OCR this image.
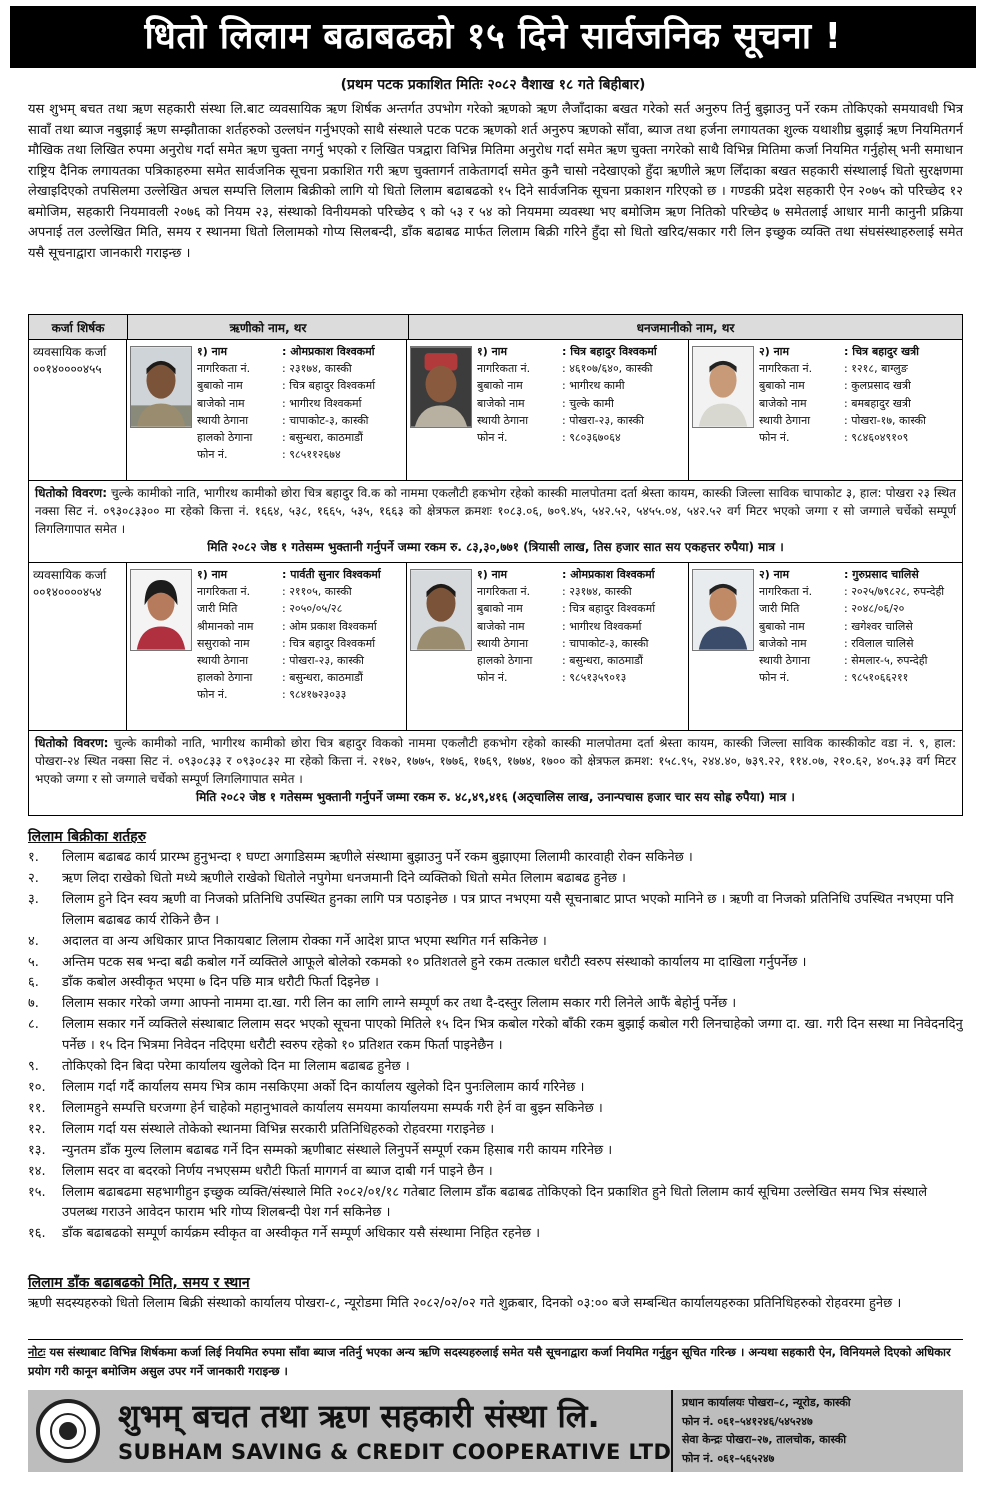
धितो लिलाम बढाबढको १५ दिने सार्वजनिक सूचना !
(प्रथम पटक प्रकाशित मितिः २०८२ वैशाख १८ गते बिहीबार)
यस शुभम् बचत तथा ऋण सहकारी संस्था लि.बाट व्यवसायिक ऋण शिर्षक अन्तर्गत उपभोग गरेको ऋणको ऋण लैजाँदाका बखत गरेको सर्त अनुरुप तिर्नु बुझाउनु पर्ने रकम तोकिएको समयावधी भित्र सावाँ तथा ब्याज नबुझाई ऋण सम्झौताका शर्तहरुको उल्लघंन गर्नुभएको साथै संस्थाले पटक पटक ऋणको शर्त अनुरुप ऋणको साँवा, ब्याज तथा हर्जना लगायतका शुल्क यथाशीघ्र बुझाई ऋण नियमितगर्न मौखिक तथा लिखित रुपमा अनुरोध गर्दा समेत ऋण चुक्ता नगर्नु भएको र लिखित पत्रद्वारा विभिन्न मितिमा अनुरोध गर्दा समेत ऋण चुक्ता नगरेको साथै विभिन्न मितिमा कर्जा नियमित गर्नुहोस् भनी समाधान राष्ट्रिय दैनिक लगायतका पत्रिकाहरुमा समेत सार्वजनिक सूचना प्रकाशित गरी ऋण चुक्तागर्न ताकेतागर्दा समेत कुनै चासो नदेखाएको हुँदा ऋणीले ऋण लिँदाका बखत सहकारी संस्थालाई धितो सुरक्षणमा लेखाइदिएको तपसिलमा उल्लेखित अचल सम्पत्ति लिलाम बिक्रीको लागि यो धितो लिलाम बढाबढको १५ दिने सार्वजनिक सूचना प्रकाशन गरिएको छ । गण्डकी प्रदेश सहकारी ऐन २०७५ को परिच्छेद १२ बमोजिम, सहकारी नियमावली २०७६ को नियम २३, संस्थाको विनीयमको परिच्छेद ९ को ५३ र ५४ को नियममा व्यवस्था भए बमोजिम ऋण नितिको परिच्छेद ७ समेतलाई आधार मानी कानुनी प्रक्रिया अपनाई तल उल्लेखित मिति, समय र स्थानमा धितो लिलामको गोप्य सिलबन्दी, डाँक बढाबढ मार्फत लिलाम बिक्री गरिने हुँदा सो धितो खरिद/सकार गरी लिन इच्छुक व्यक्ति तथा संघसंस्थाहरुलाई समेत यसै सूचनाद्वारा जानकारी गराइन्छ ।
कर्जा शिर्षक	ऋणीको नाम, थर	धनजमानीको नाम, थर
व्यवसायिक कर्जा
००१४००००४५५
१) नाम	: ओमप्रकाश विश्वकर्मा
नागरिकता नं.	: २३१७४, कास्की
बुबाको नाम	: चित्र बहादुर विश्वकर्मा
बाजेको नाम	: भागीरथ विश्वकर्मा
स्थायी ठेगाना	: चापाकोट-३, कास्की
हालको ठेगाना	: बसुन्धरा, काठमाडौं
फोन नं.	: ९८५११२६७४
१) नाम	: चित्र बहादुर विश्वकर्मा
नागरिकता नं.	: ४६१०७/६४०, कास्की
बुबाको नाम	: भागीरथ कामी
बाजेको नाम	: चुल्के कामी
स्थायी ठेगाना	: पोखरा-२३, कास्की
फोन नं.	: ९८०३६७०६४
२) नाम	: चित्र बहादुर खत्री
नागरिकता नं.	: १२१८, बाग्लुङ
बुबाको नाम	: कुलप्रसाद खत्री
बाजेको नाम	: बमबहादुर खत्री
स्थायी ठेगाना	: पोखरा-१७, कास्की
फोन नं.	: ९८४६०४९१०९
धितोको विवरण: चुल्के कामीको नाति, भागीरथ कामीको छोरा चित्र बहादुर वि.क को नाममा एकलौटी हकभोग रहेको कास्की मालपोतमा दर्ता श्रेस्ता कायम, कास्की जिल्ला साविक चापाकोट ३, हाल: पोखरा २३ स्थित नक्सा सिट नं. ०९३०८३३०० मा रहेको कित्ता नं. १६६४, ५३८, १६६५, ५३५, १६६३ को क्षेत्रफल क्रमशः १०८३.०६, ७०९.४५, ५४२.५२, ५४५५.०४, ५४२.५२ वर्ग मिटर भएको जग्गा र सो जग्गाले चर्चेको सम्पूर्ण लिगलिगापात समेत ।
मिति २०८२ जेष्ठ १ गतेसम्म भुक्तानी गर्नुपर्ने जम्मा रकम रु. ८३,३०,७७१ (त्रियासी लाख, तिस हजार सात सय एकहत्तर रुपैया) मात्र ।
व्यवसायिक कर्जा
००१४००००४५४
१) नाम	: पार्वती सुनार विश्वकर्मा
नागरिकता नं.	: २११०५, कास्की
जारी मिति	: २०५०/०५/२८
श्रीमानको नाम	: ओम प्रकाश विश्वकर्मा
ससुराको नाम	: चित्र बहादुर विश्वकर्मा
स्थायी ठेगाना	: पोखरा-२३, कास्की
हालको ठेगाना	: बसुन्धरा, काठमाडौं
फोन नं.	: ९८४१७२३०३३
१) नाम	: ओमप्रकाश विश्वकर्मा
नागरिकता नं.	: २३१७४, कास्की
बुबाको नाम	: चित्र बहादुर विश्वकर्मा
बाजेको नाम	: भागीरथ विश्वकर्मा
स्थायी ठेगाना	: चापाकोट-३, कास्की
हालको ठेगाना	: बसुन्धरा, काठमाडौं
फोन नं.	: ९८५१३५९०१३
२) नाम	: गुरुप्रसाद चालिसे
नागरिकता नं.	: २०२५/७९८२८, रुपन्देही
जारी मिति	: २०४८/०६/२०
बुबाको नाम	: खगेश्वर चालिसे
बाजेको नाम	: रविलाल चालिसे
स्थायी ठेगाना	: सेमलार-५, रुपन्देही
फोन नं.	: ९८५१०६६२११
धितोको विवरण: चुल्के कामीको नाति, भागीरथ कामीको छोरा चित्र बहादुर विकको नाममा एकलौटी हकभोग रहेको कास्की मालपोतमा दर्ता श्रेस्ता कायम, कास्की जिल्ला साविक कास्कीकोट वडा नं. ९, हाल: पोखरा-२४ स्थित नक्सा सिट नं. ०९३०८३३ र ०९३०८३२ मा रहेको कित्ता नं. २१७२, १७७५, १७७६, १७६९, १७७४, १७०० को क्षेत्रफल क्रमश: १५८.९५, २४४.४०, ७३९.२२, ११४.०७, २१०.६२, ४०५.३३ वर्ग मिटर भएको जग्गा र सो जग्गाले चर्चेको सम्पूर्ण लिगलिगापात समेत ।
मिति २०८२ जेष्ठ १ गतेसम्म भुक्तानी गर्नुपर्ने जम्मा रकम रु. ४८,४९,४१६ (अठ्चालिस लाख, उनान्पचास हजार चार सय सोह्र रुपैया) मात्र ।
लिलाम बिक्रीका शर्तहरु
१.	लिलाम बढाबढ कार्य प्रारम्भ हुनुभन्दा १ घण्टा अगाडिसम्म ऋणीले संस्थामा बुझाउनु पर्ने रकम बुझाएमा लिलामी कारवाही रोक्न सकिनेछ ।
२.	ऋण लिदा राखेको धितो मध्ये ऋणीले राखेको धितोले नपुगेमा धनजमानी दिने व्यक्तिको धितो समेत लिलाम बढाबढ हुनेछ ।
३.	लिलाम हुने दिन स्वय ऋणी वा निजको प्रतिनिधि उपस्थित हुनका लागि पत्र पठाइनेछ । पत्र प्राप्त नभएमा यसै सूचनाबाट प्राप्त भएको मानिने छ । ऋणी वा निजको प्रतिनिधि उपस्थित नभएमा पनि लिलाम बढाबढ कार्य रोकिने छैन ।
४.	अदालत वा अन्य अधिकार प्राप्त निकायबाट लिलाम रोक्का गर्ने आदेश प्राप्त भएमा स्थगित गर्न सकिनेछ ।
५.	अन्तिम पटक सब भन्दा बढी कबोल गर्ने व्यक्तिले आफूले बोलेको रकमको १० प्रतिशतले हुने रकम तत्काल धरौटी स्वरुप संस्थाको कार्यालय मा दाखिला गर्नुपर्नेछ ।
६.	डाँक कबोल अस्वीकृत भएमा ७ दिन पछि मात्र धरौटी फिर्ता दिइनेछ ।
७.	लिलाम सकार गरेको जग्गा आफ्नो नाममा दा.खा. गरी लिन का लागि लाग्ने सम्पूर्ण कर तथा दै-दस्तुर लिलाम सकार गरी लिनेले आफैं बेहोर्नु पर्नेछ ।
८.	लिलाम सकार गर्ने व्यक्तिले संस्थाबाट लिलाम सदर भएको सूचना पाएको मितिले १५ दिन भित्र कबोल गरेको बाँकी रकम बुझाई कबोल गरी लिनचाहेको जग्गा दा. खा. गरी दिन सस्था मा निवेदनदिनु पर्नेछ । १५ दिन भित्रमा निवेदन नदिएमा धरौटी स्वरुप रहेको १० प्रतिशत रकम फिर्ता पाइनेछैन ।
९.	तोकिएको दिन बिदा परेमा कार्यालय खुलेको दिन मा लिलाम बढाबढ हुनेछ ।
१०.	लिलाम गर्दा गर्दै कार्यालय समय भित्र काम नसकिएमा अर्को दिन कार्यालय खुलेको दिन पुनःलिलाम कार्य गरिनेछ ।
११.	लिलामहुने सम्पत्ति घरजग्गा हेर्न चाहेको महानुभावले कार्यालय समयमा कार्यालयमा सम्पर्क गरी हेर्न वा बुझ्न सकिनेछ ।
१२.	लिलाम गर्दा यस संस्थाले तोकेको स्थानमा विभिन्न सरकारी प्रतिनिधिहरुको रोहवरमा गराइनेछ ।
१३.	न्युनतम डाँक मुल्य लिलाम बढाबढ गर्ने दिन सम्मको ऋणीबाट संस्थाले लिनुपर्ने सम्पूर्ण रकम हिसाब गरी कायम गरिनेछ ।
१४.	लिलाम सदर वा बदरको निर्णय नभएसम्म धरौटी फिर्ता मागगर्न वा ब्याज दाबी गर्न पाइने छैन ।
१५.	लिलाम बढाबढमा सहभागीहुन इच्छुक व्यक्ति/संस्थाले मिति २०८२/०१/१८ गतेबाट लिलाम डाँक बढाबढ तोकिएको दिन प्रकाशित हुने धितो लिलाम कार्य सूचिमा उल्लेखित समय भित्र संस्थाले उपलब्ध गराउने आवेदन फाराम भरि गोप्य शिलबन्दी पेश गर्न सकिनेछ ।
१६.	डाँक बढाबढको सम्पूर्ण कार्यक्रम स्वीकृत वा अस्वीकृत गर्ने सम्पूर्ण अधिकार यसै संस्थामा निहित रहनेछ ।
लिलाम डाँक बढाबढको मिति, समय र स्थान
ऋणी सदस्यहरुको धितो लिलाम बिक्री संस्थाको कार्यालय पोखरा-८, न्यूरोडमा मिति २०८२/०२/०२ गते शुक्रबार, दिनको ०३:०० बजे सम्बन्धित कार्यालयहरुका प्रतिनिधिहरुको रोहवरमा हुनेछ ।
नोटः यस संस्थाबाट विभिन्न शिर्षकमा कर्जा लिई नियमित रुपमा साँवा ब्याज नतिर्नु भएका अन्य ऋणि सदस्यहरुलाई समेत यसै सूचनाद्वारा कर्जा नियमित गर्नुहुन सूचित गरिन्छ । अन्यथा सहकारी ऐन, विनियमले दिएको अधिकार प्रयोग गरी कानून बमोजिम असुल उपर गर्ने जानकारी गराइन्छ ।
शुभम् बचत तथा ऋण सहकारी संस्था लि.
SUBHAM SAVING & CREDIT COOPERATIVE LTD
प्रधान कार्यालयः पोखरा–८, न्यूरोड, कास्की
फोन नं. ०६१–५४१२४६/५४५२४७
सेवा केन्द्रः पोखरा–२७, तालचोक, कास्की
फोन नं. ०६१–५६५२४७
